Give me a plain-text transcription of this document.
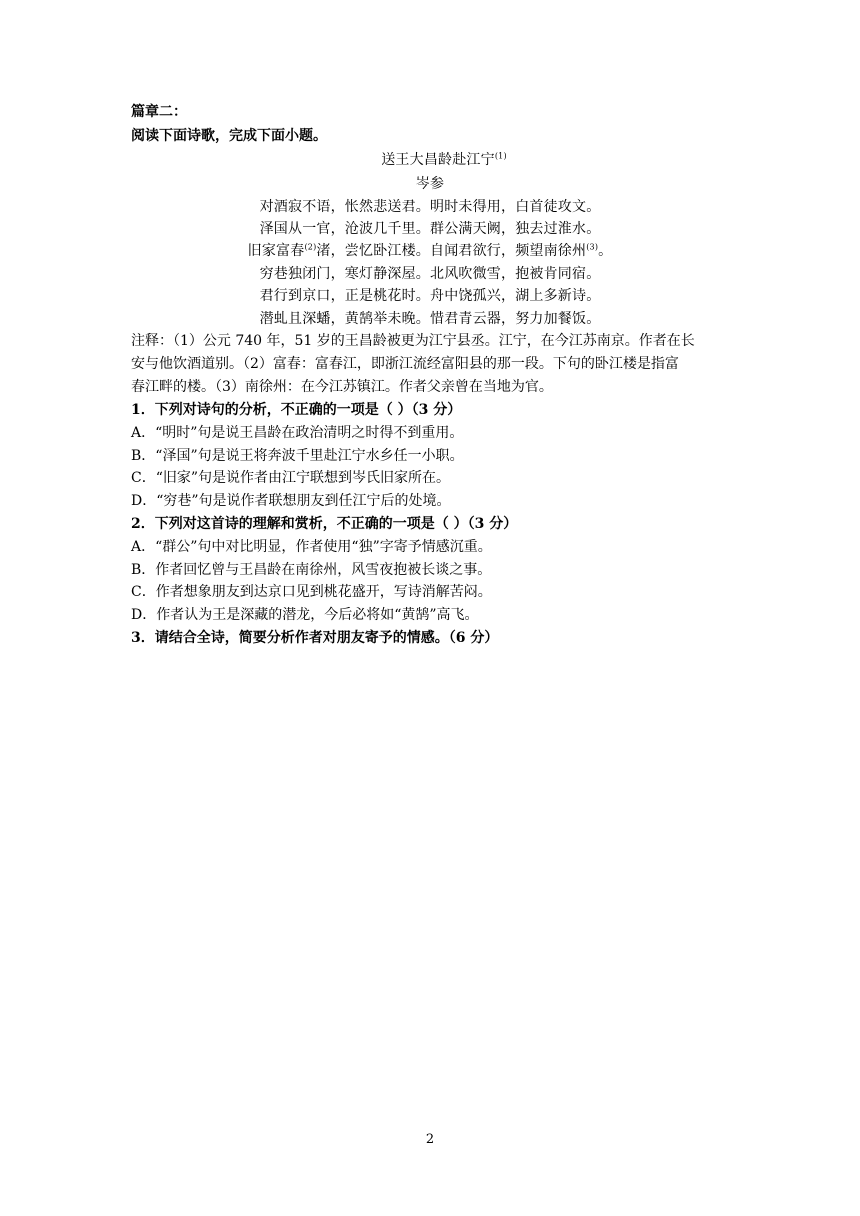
篇章二：
阅读下面诗歌，完成下面小题。
送王大昌龄赴江宁$^{(1)}$
岑参
对酒寂不语，怅然悲送君。明时未得用，白首徒攻文。
泽国从一官，沧波几千里。群公满天阙，独去过淮水。
旧家富春$^{(2)}$渚，尝忆卧江楼。自闻君欲行，频望南徐州$^{(3)}$。
穷巷独闭门，寒灯静深屋。北风吹微雪，抱被肯同宿。
君行到京口，正是桃花时。舟中饶孤兴，湖上多新诗。
潜虬且深蟠，黄鹄举未晚。惜君青云器，努力加餐饭。
注释：（1）公元 740 年，51 岁的王昌龄被更为江宁县丞。江宁，在今江苏南京。作者在长
安与他饮酒道别。（2）富春：富春江，即浙江流经富阳县的那一段。下句的卧江楼是指富
春江畔的楼。（3）南徐州：在今江苏镇江。作者父亲曾在当地为官。
1．下列对诗句的分析，不正确的一项是（ ）（3 分）
A．“明时”句是说王昌龄在政治清明之时得不到重用。
B．“泽国”句是说王将奔波千里赴江宁水乡任一小职。
C．“旧家”句是说作者由江宁联想到岑氏旧家所在。
D．“穷巷”句是说作者联想朋友到任江宁后的处境。
2．下列对这首诗的理解和赏析，不正确的一项是（ ）（3 分）
A．“群公”句中对比明显，作者使用“独”字寄予情感沉重。
B．作者回忆曾与王昌龄在南徐州，风雪夜抱被长谈之事。
C．作者想象朋友到达京口见到桃花盛开，写诗消解苦闷。
D．作者认为王是深藏的潜龙，今后必将如“黄鹄”高飞。
3．请结合全诗，简要分析作者对朋友寄予的情感。（6 分）
2
